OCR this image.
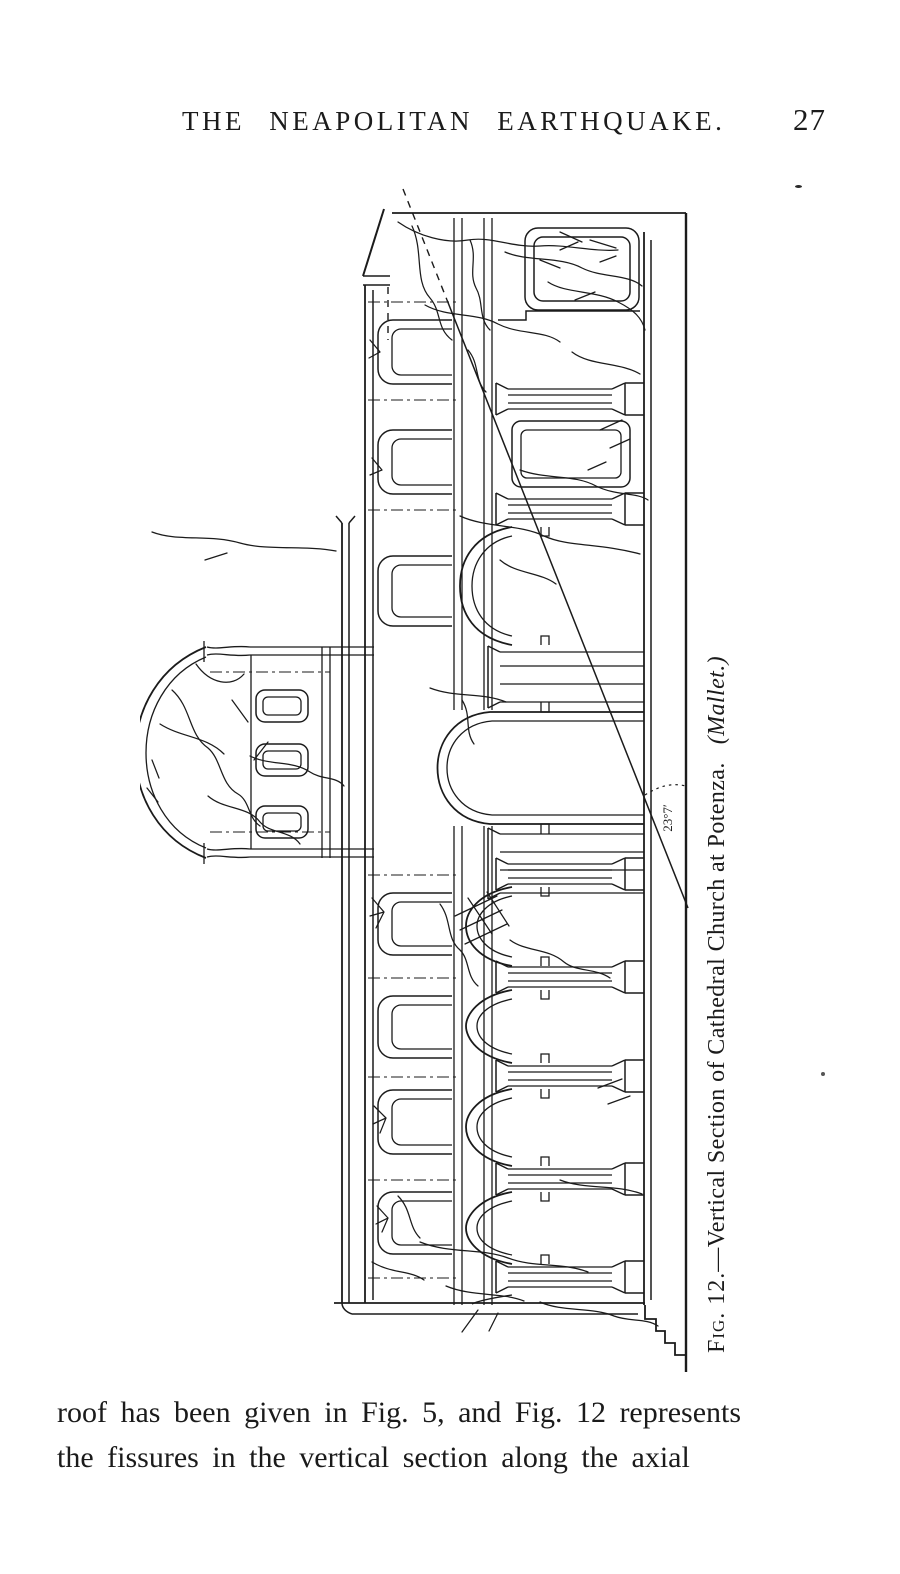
THE NEAPOLITAN EARTHQUAKE. 27
23°7′
Fig. 12.—Vertical Section of Cathedral Church at Potenza.(Mallet.)
roof has been given in Fig. 5, and Fig. 12 represents
the fissures in the vertical section along the axial
